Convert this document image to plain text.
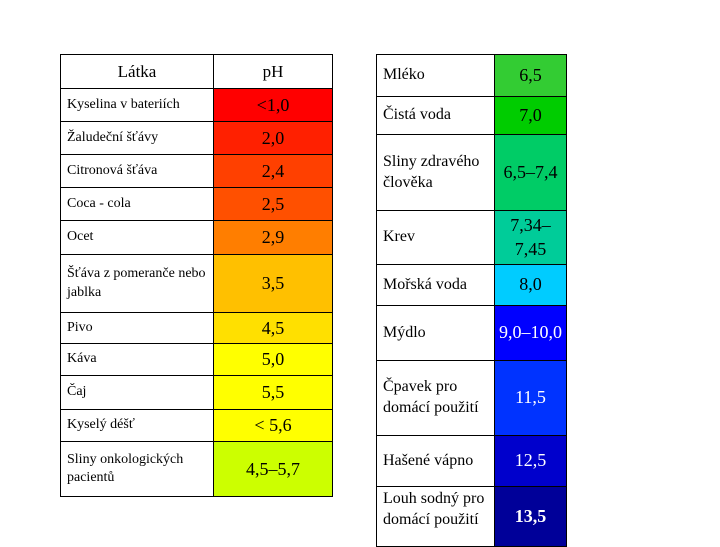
Látka	pH
Kyselina v bateriích	<1,0
Žaludeční šťávy	2,0
Citronová šťáva	2,4
Coca - cola	2,5
Ocet	2,9
Šťáva z pomeranče nebo jablka	3,5
Pivo	4,5
Káva	5,0
Čaj	5,5
Kyselý déšť	< 5,6
Sliny onkologických pacientů	4,5–5,7
Mléko	6,5
Čistá voda	7,0
Sliny zdravého člověka	6,5–7,4
Krev	7,34–7,45
Mořská voda	8,0
Mýdlo	9,0–10,0
Čpavek pro domácí použití	11,5
Hašené vápno	12,5
Louh sodný pro domácí použití	13,5
